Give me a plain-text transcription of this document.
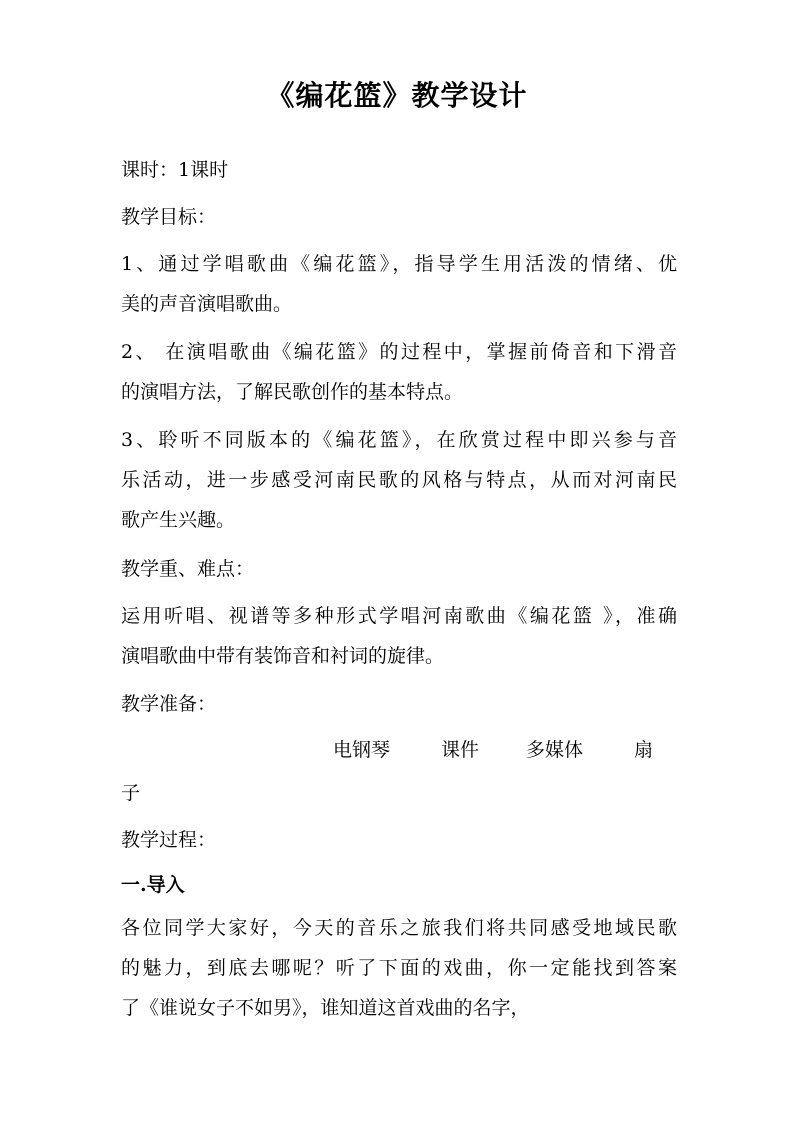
《编花篮》教学设计

课时：1课时

教学目标：

1、通过学唱歌曲《编花篮》，指导学生用活泼的情绪、优

美的声音演唱歌曲。

2、 在演唱歌曲《编花篮》的过程中，掌握前倚音和下滑音

的演唱方法，了解民歌创作的基本特点。

3、聆听不同版本的《编花篮》，在欣赏过程中即兴参与音

乐活动，进一步感受河南民歌的风格与特点，从而对河南民

歌产生兴趣。

教学重、难点：

运用听唱、视谱等多种形式学唱河南歌曲《编花篮 》，准确

演唱歌曲中带有装饰音和衬词的旋律。

教学准备：

电钢琴	课件 多媒体	扇

子

教学过程：

一.导入

各位同学大家好，今天的音乐之旅我们将共同感受地域民歌

的魅力，到底去哪呢？听了下面的戏曲，你一定能找到答案

了《谁说女子不如男》，谁知道这首戏曲的名字，
